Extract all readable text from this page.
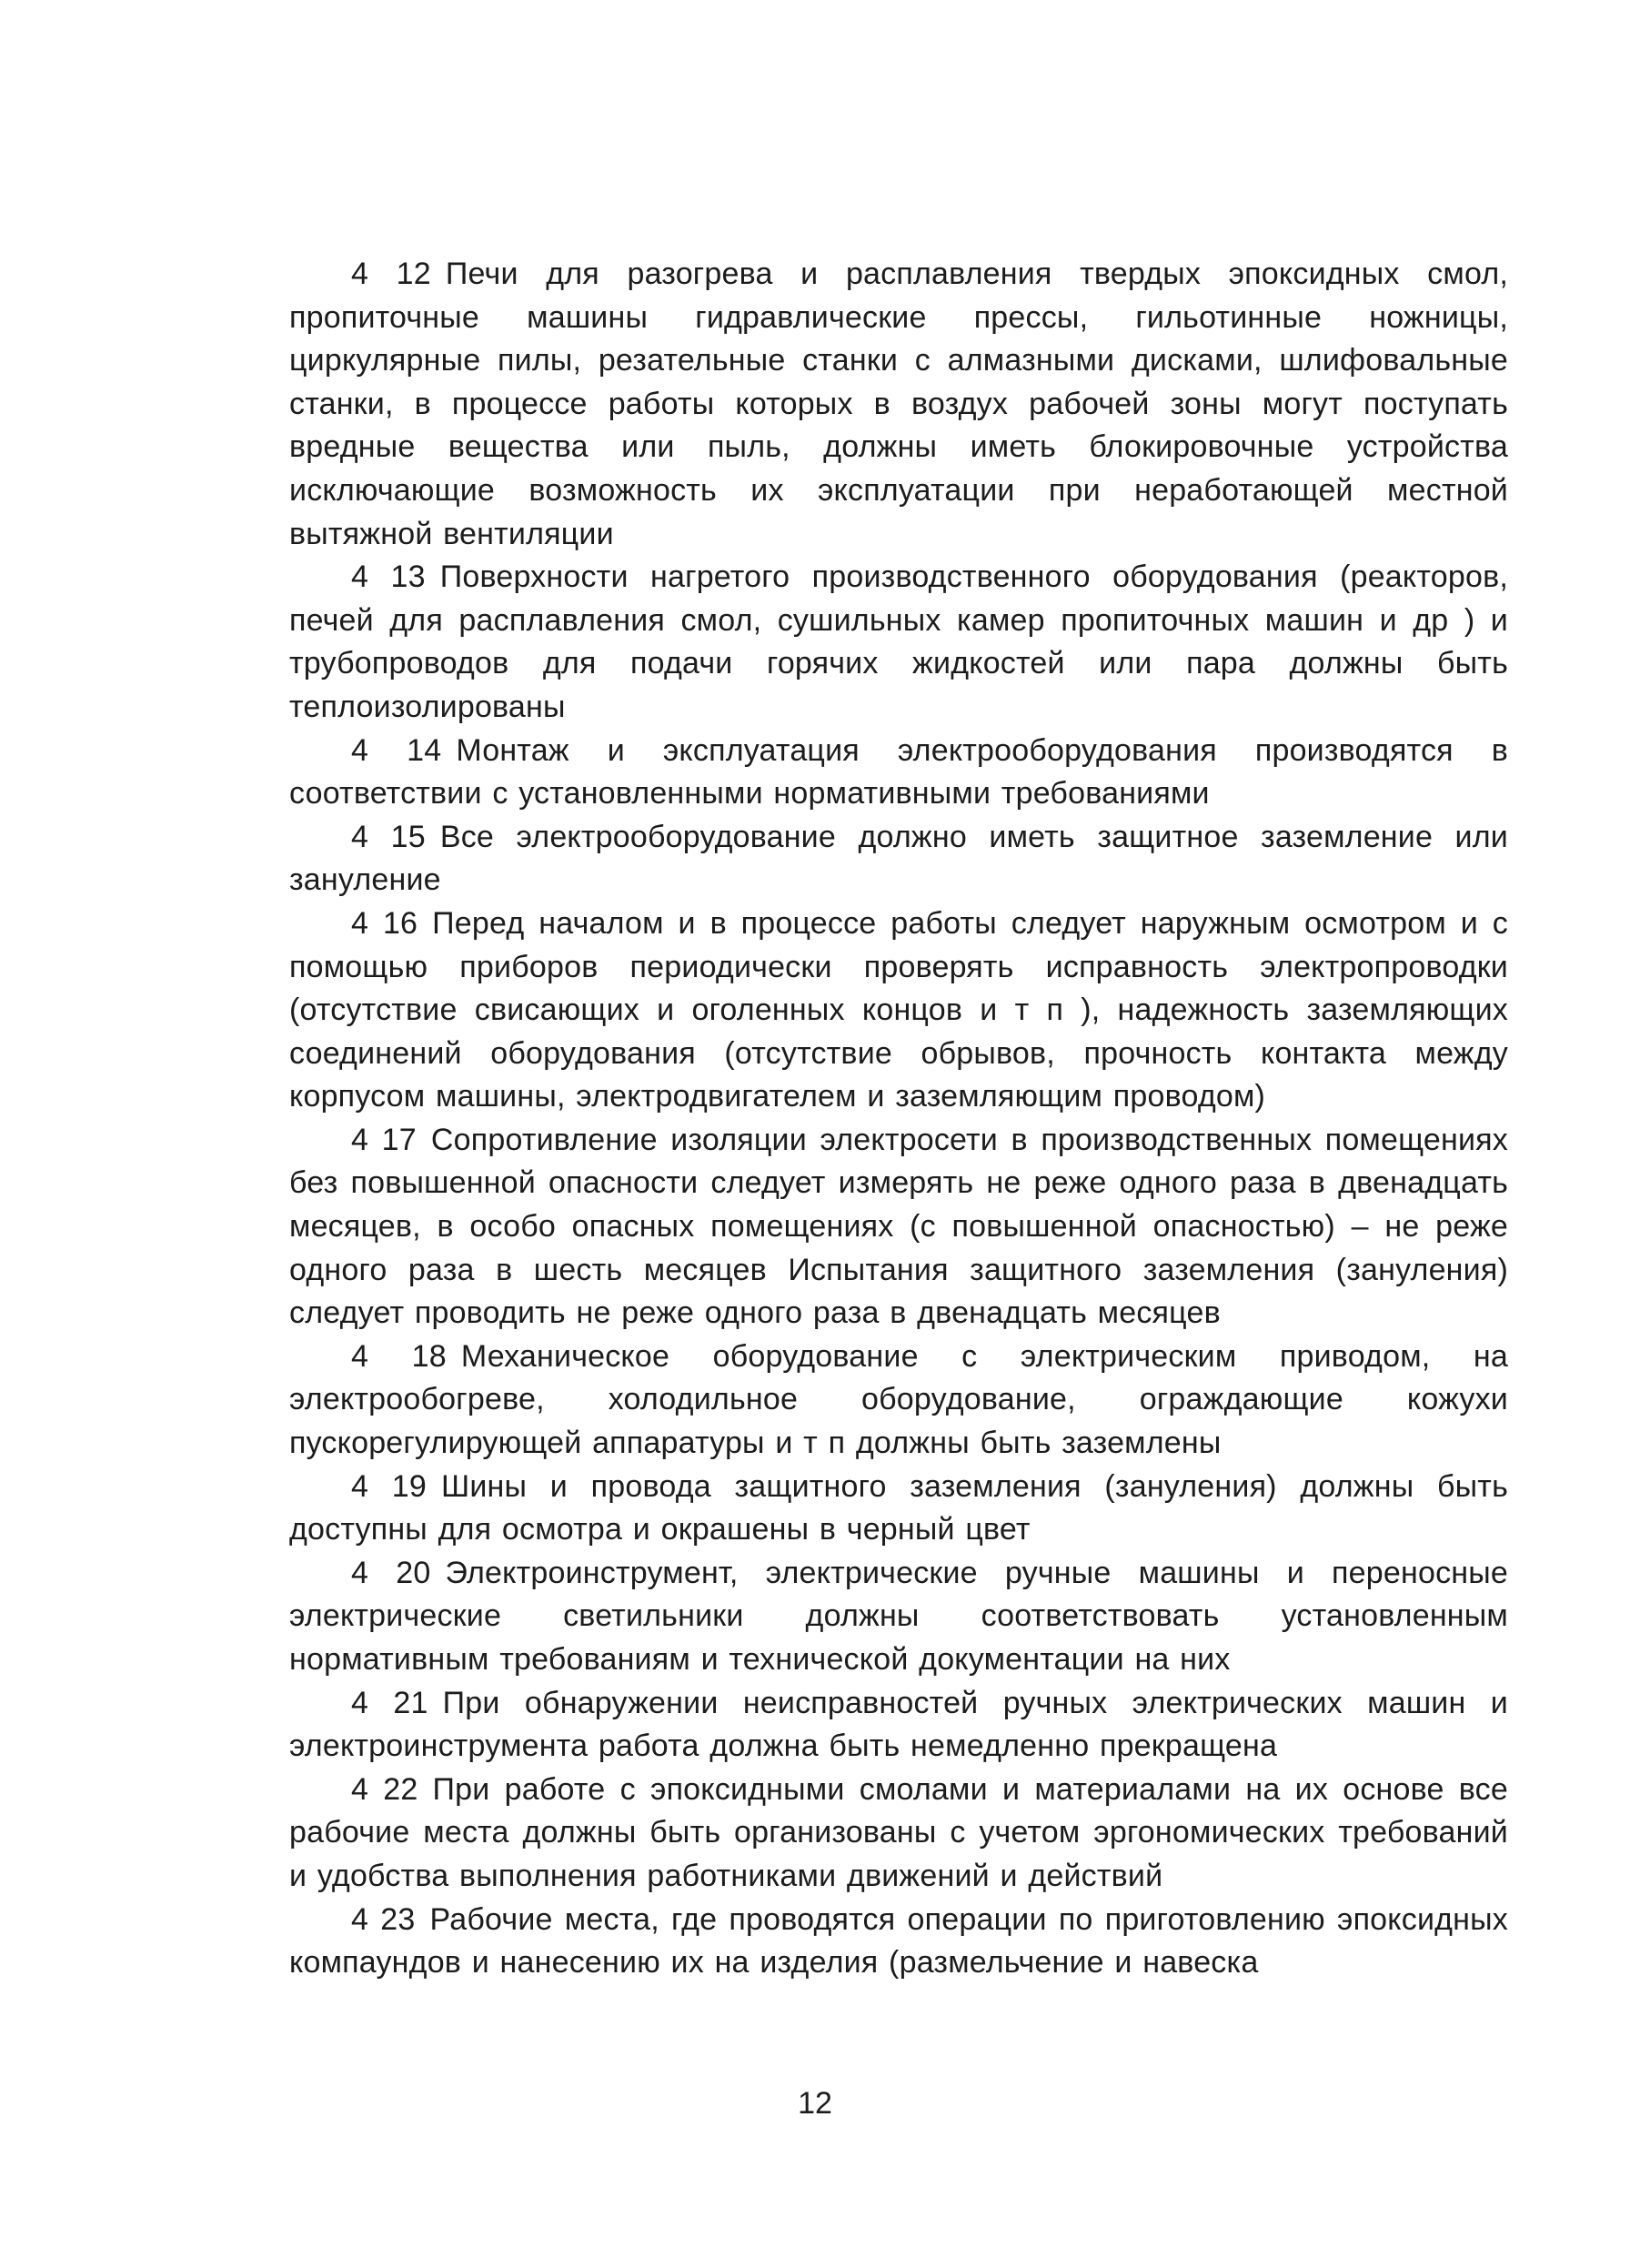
4 12 Печи для разогрева и расплавления твердых эпоксидных смол, пропиточные машины гидравлические прессы, гильотинные ножницы, циркулярные пилы, резательные станки с алмазными дисками, шлифовальные станки, в процессе работы которых в воздух рабочей зоны могут поступать вредные вещества или пыль, должны иметь блокировочные устройства исключающие возможность их эксплуатации при неработающей местной вытяжной вентиляции

4 13 Поверхности нагретого производственного оборудования (реакторов, печей для расплавления смол, сушильных камер пропиточных машин и др ) и трубопроводов для подачи горячих жидкостей или пара должны быть теплоизолированы

4 14 Монтаж и эксплуатация электрооборудования производятся в соответствии с установленными нормативными требованиями

4 15 Все электрооборудование должно иметь защитное заземление или зануление

4 16 Перед началом и в процессе работы следует наружным осмотром и с помощью приборов периодически проверять исправность электропроводки (отсутствие свисающих и оголенных концов и т п ), надежность заземляющих соединений оборудования (отсутствие обрывов, прочность контакта между корпусом машины, электродвигателем и заземляющим проводом)

4 17 Сопротивление изоляции электросети в производственных помещениях без повышенной опасности следует измерять не реже одного раза в двенадцать месяцев, в особо опасных помещениях (с повышенной опасностью) – не реже одного раза в шесть месяцев Испытания защитного заземления (зануления) следует проводить не реже одного раза в двенадцать месяцев

4 18 Механическое оборудование с электрическим приводом, на электрообогреве, холодильное оборудование, ограждающие кожухи пускорегулирующей аппаратуры и т п должны быть заземлены

4 19 Шины и провода защитного заземления (зануления) должны быть доступны для осмотра и окрашены в черный цвет

4 20 Электроинструмент, электрические ручные машины и переносные электрические светильники должны соответствовать установленным нормативным требованиям и технической документации на них

4 21 При обнаружении неисправностей ручных электрических машин и электроинструмента работа должна быть немедленно прекращена

4 22 При работе с эпоксидными смолами и материалами на их основе все рабочие места должны быть организованы с учетом эргономических требований и удобства выполнения работниками движений и действий

4 23 Рабочие места, где проводятся операции по приготовлению эпоксидных компаундов и нанесению их на изделия (размельчение и навеска

12
